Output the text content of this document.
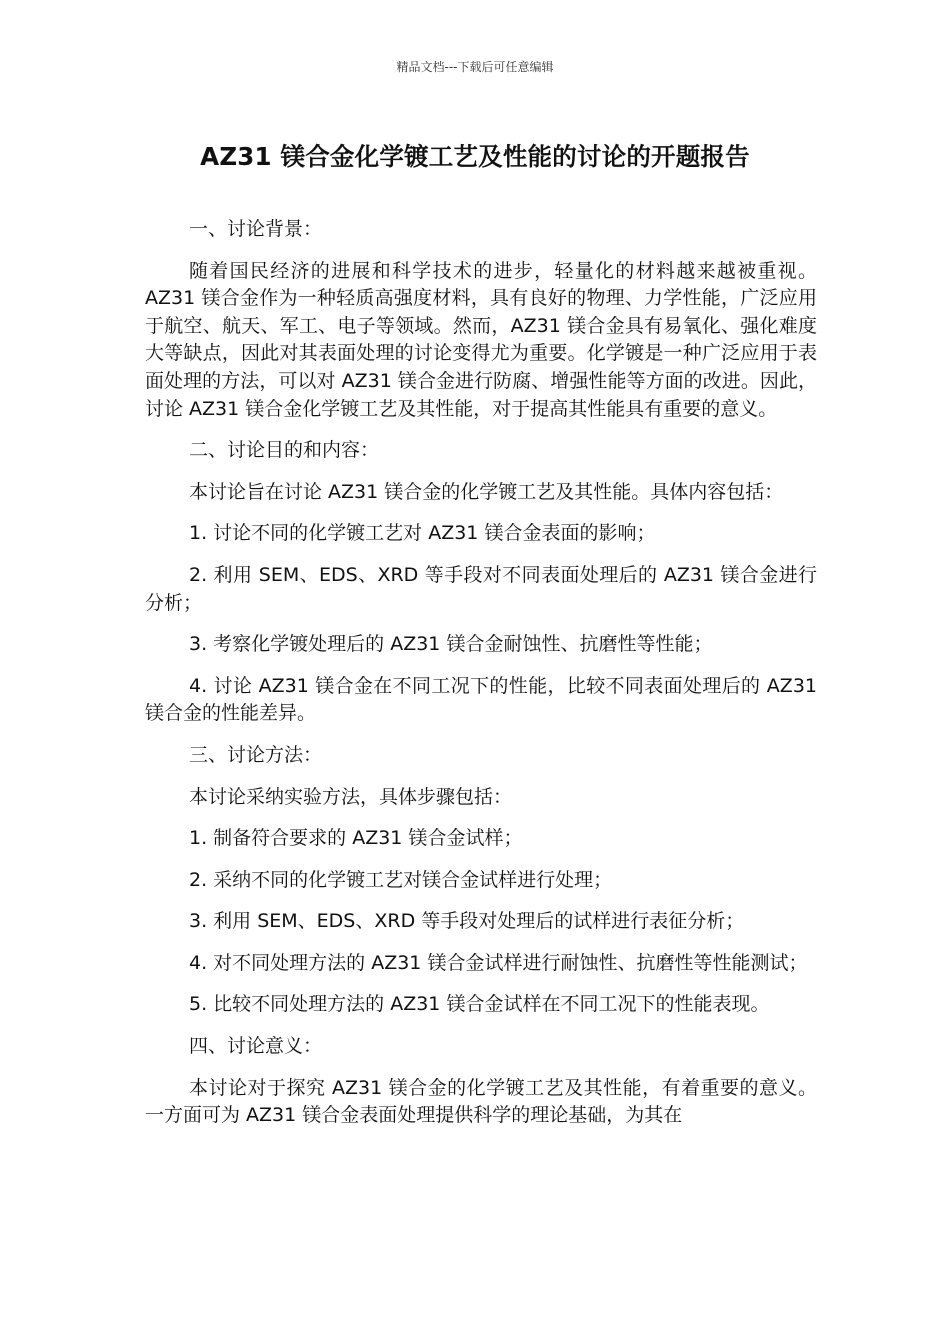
精品文档---下载后可任意编辑
AZ31 镁合金化学镀工艺及性能的讨论的开题报告

一、讨论背景：

随着国民经济的进展和科学技术的进步，轻量化的材料越来越被重视。AZ31 镁合金作为一种轻质高强度材料，具有良好的物理、力学性能，广泛应用于航空、航天、军工、电子等领域。然而，AZ31 镁合金具有易氧化、强化难度大等缺点，因此对其表面处理的讨论变得尤为重要。化学镀是一种广泛应用于表面处理的方法，可以对 AZ31 镁合金进行防腐、增强性能等方面的改进。因此，讨论 AZ31 镁合金化学镀工艺及其性能，对于提高其性能具有重要的意义。

二、讨论目的和内容：

本讨论旨在讨论 AZ31 镁合金的化学镀工艺及其性能。具体内容包括：

1. 讨论不同的化学镀工艺对 AZ31 镁合金表面的影响；

2. 利用 SEM、EDS、XRD 等手段对不同表面处理后的 AZ31 镁合金进行分析；

3. 考察化学镀处理后的 AZ31 镁合金耐蚀性、抗磨性等性能；

4. 讨论 AZ31 镁合金在不同工况下的性能，比较不同表面处理后的 AZ31 镁合金的性能差异。

三、讨论方法：

本讨论采纳实验方法，具体步骤包括：

1. 制备符合要求的 AZ31 镁合金试样；

2. 采纳不同的化学镀工艺对镁合金试样进行处理；

3. 利用 SEM、EDS、XRD 等手段对处理后的试样进行表征分析；

4. 对不同处理方法的 AZ31 镁合金试样进行耐蚀性、抗磨性等性能测试；

5. 比较不同处理方法的 AZ31 镁合金试样在不同工况下的性能表现。

四、讨论意义：

本讨论对于探究 AZ31 镁合金的化学镀工艺及其性能，有着重要的意义。一方面可为 AZ31 镁合金表面处理提供科学的理论基础，为其在
